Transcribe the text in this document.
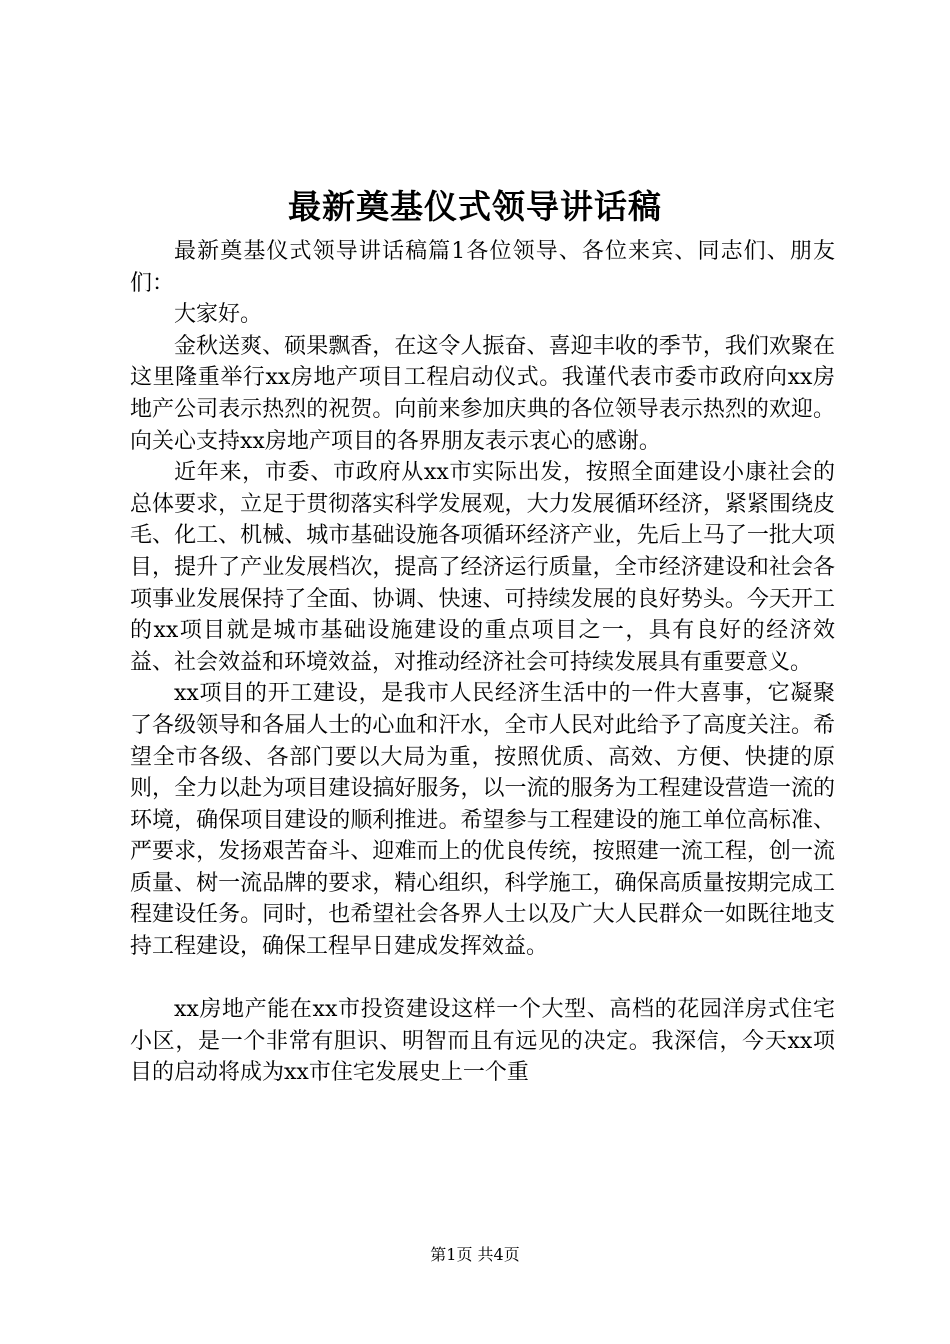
最新奠基仪式领导讲话稿

最新奠基仪式领导讲话稿篇1各位领导、各位来宾、同志们、朋友们：

大家好。

金秋送爽、硕果飘香，在这令人振奋、喜迎丰收的季节，我们欢聚在这里隆重举行xx房地产项目工程启动仪式。我谨代表市委市政府向xx房地产公司表示热烈的祝贺。向前来参加庆典的各位领导表示热烈的欢迎。向关心支持xx房地产项目的各界朋友表示衷心的感谢。

近年来，市委、市政府从xx市实际出发，按照全面建设小康社会的总体要求，立足于贯彻落实科学发展观，大力发展循环经济，紧紧围绕皮毛、化工、机械、城市基础设施各项循环经济产业，先后上马了一批大项目，提升了产业发展档次，提高了经济运行质量，全市经济建设和社会各项事业发展保持了全面、协调、快速、可持续发展的良好势头。今天开工的xx项目就是城市基础设施建设的重点项目之一，具有良好的经济效益、社会效益和环境效益，对推动经济社会可持续发展具有重要意义。

xx项目的开工建设，是我市人民经济生活中的一件大喜事，它凝聚了各级领导和各届人士的心血和汗水，全市人民对此给予了高度关注。希望全市各级、各部门要以大局为重，按照优质、高效、方便、快捷的原则，全力以赴为项目建设搞好服务，以一流的服务为工程建设营造一流的环境，确保项目建设的顺利推进。希望参与工程建设的施工单位高标准、严要求，发扬艰苦奋斗、迎难而上的优良传统，按照建一流工程，创一流质量、树一流品牌的要求，精心组织，科学施工，确保高质量按期完成工程建设任务。同时，也希望社会各界人士以及广大人民群众一如既往地支持工程建设，确保工程早日建成发挥效益。

xx房地产能在xx市投资建设这样一个大型、高档的花园洋房式住宅小区，是一个非常有胆识、明智而且有远见的决定。我深信，今天xx项目的启动将成为xx市住宅发展史上一个重

第1页 共4页
